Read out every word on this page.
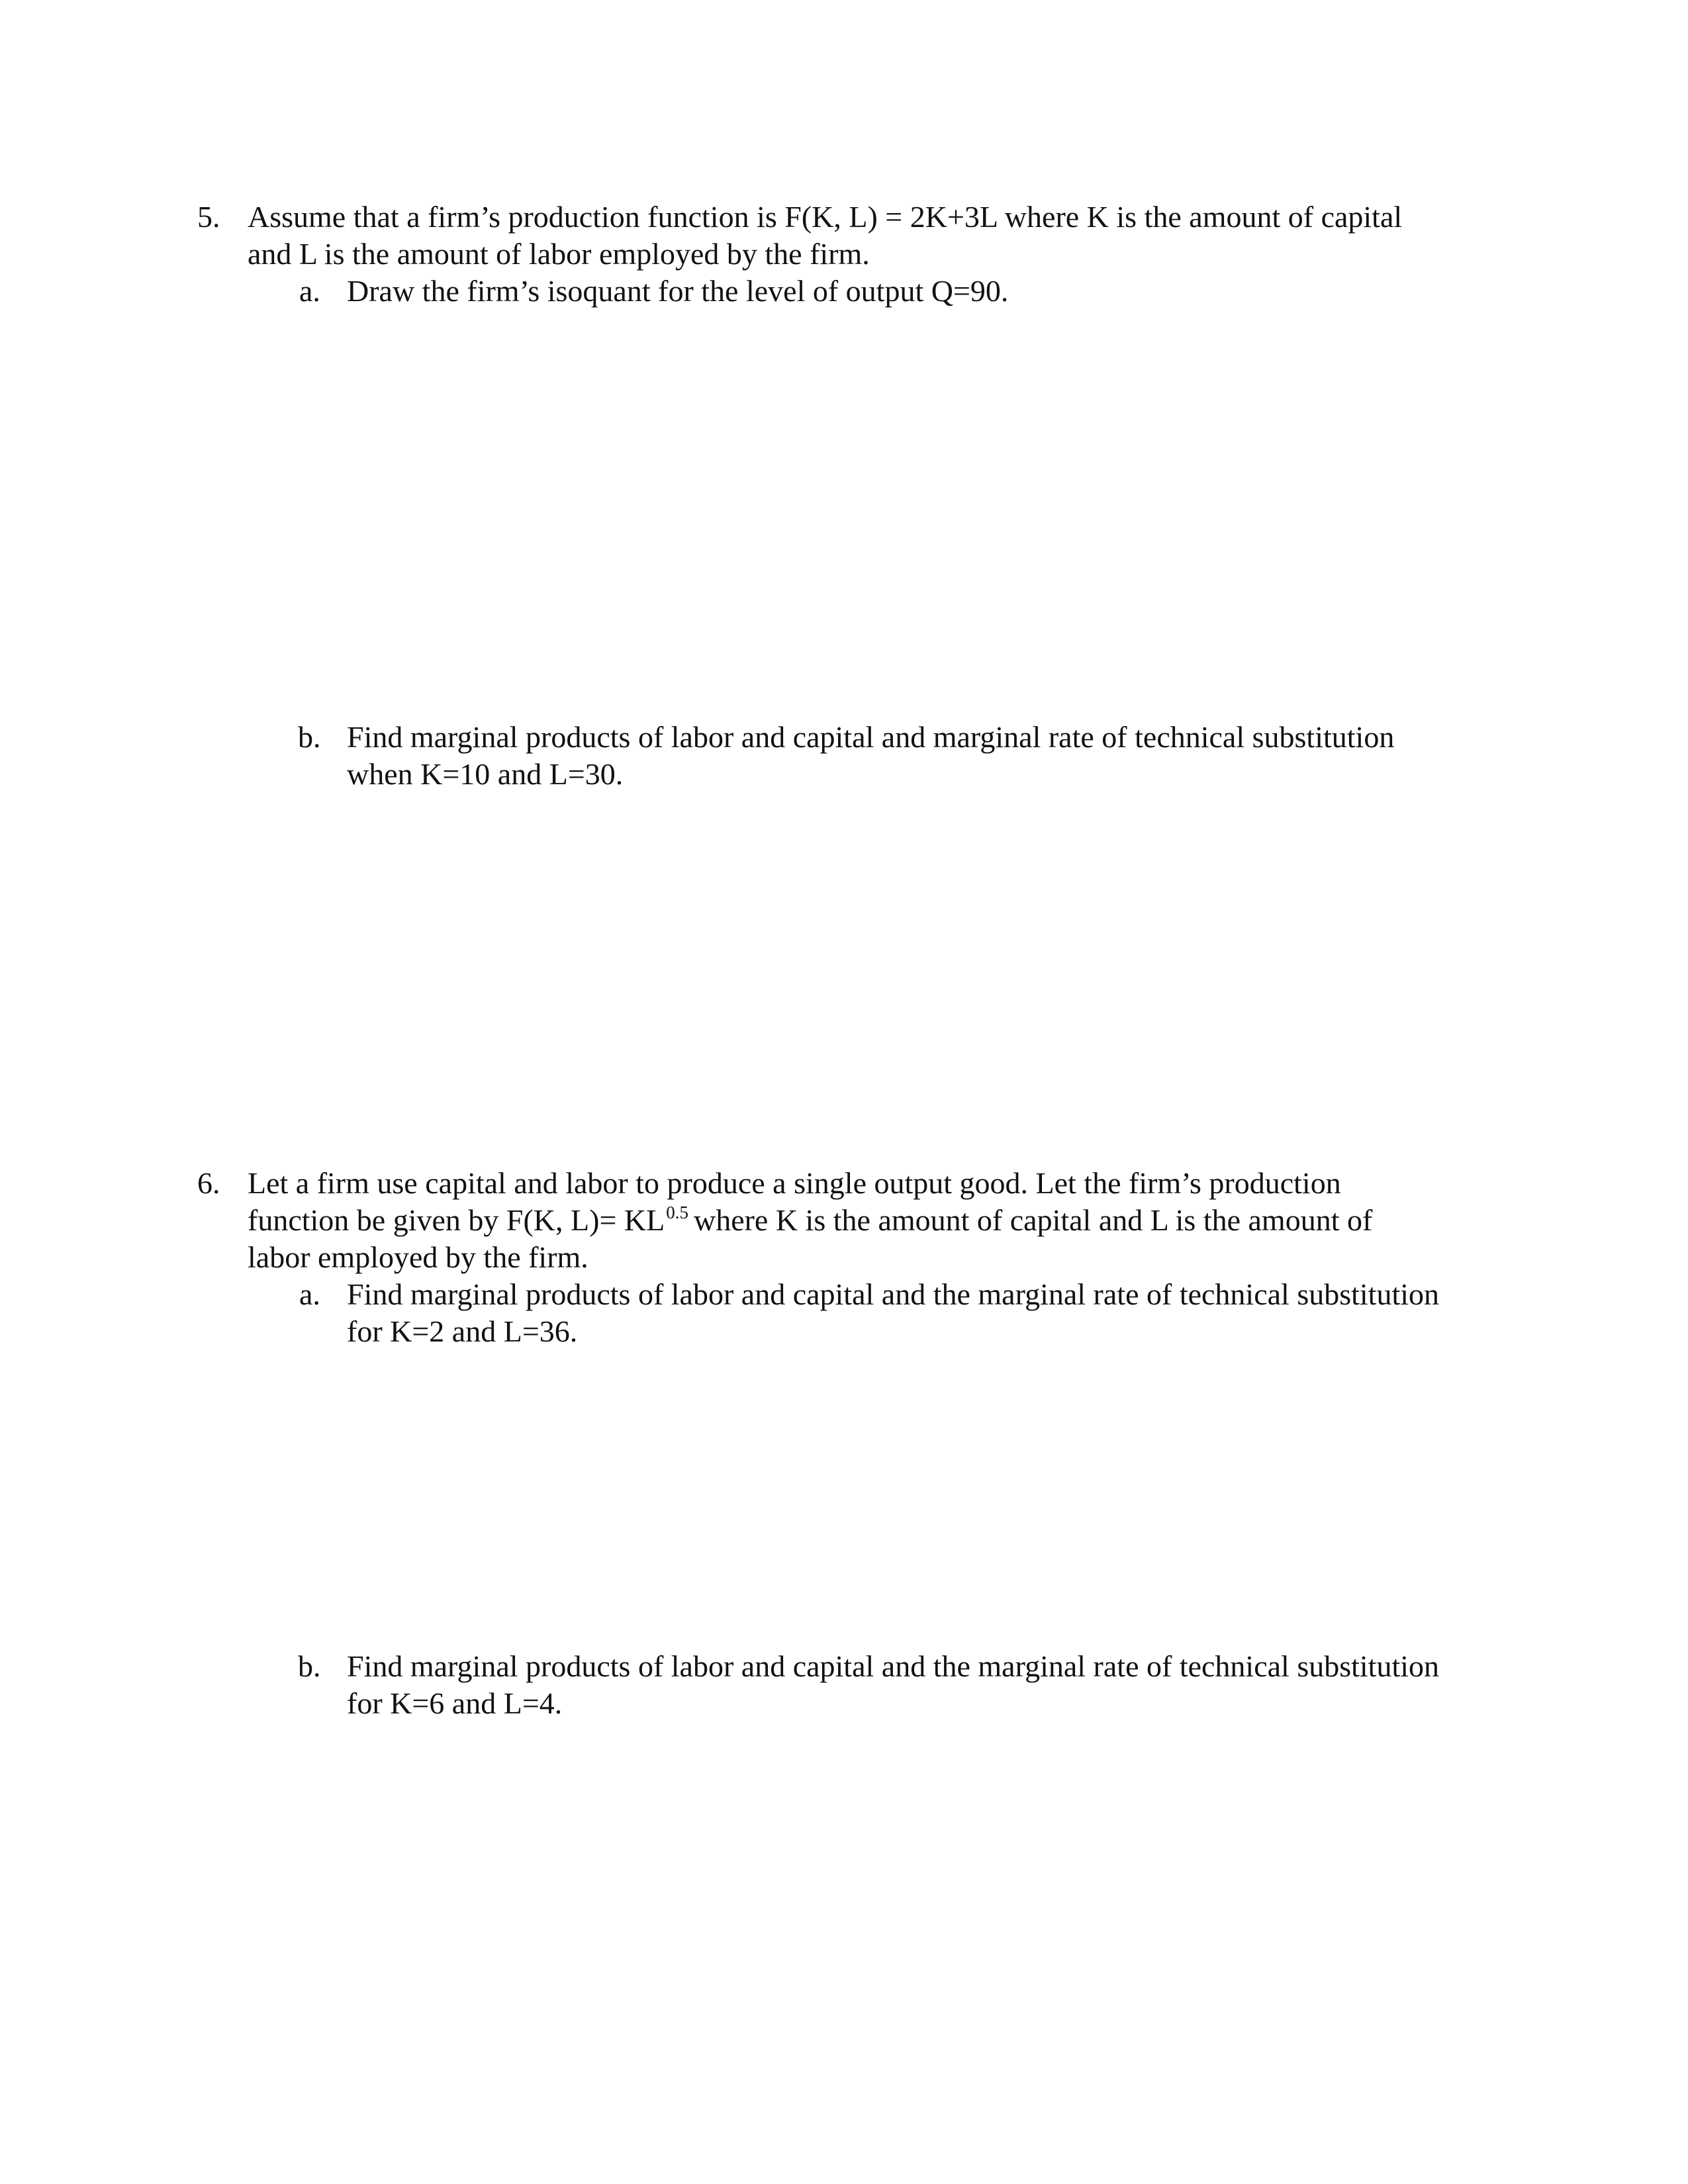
5. Assume that a firm’s production function is F(K, L) = 2K+3L where K is the amount of capital

and L is the amount of labor employed by the firm.

a. Draw the firm’s isoquant for the level of output Q=90.

b. Find marginal products of labor and capital and marginal rate of technical substitution

when K=10 and L=30.

6. Let a firm use capital and labor to produce a single output good. Let the firm’s production

function be given by F(K, $L)= KL^{0.5}$ where K is the amount of capital and L is the amount of

labor employed by the firm.

a. Find marginal products of labor and capital and the marginal rate of technical substitution

for K=2 and L=36.

b. Find marginal products of labor and capital and the marginal rate of technical substitution

for K=6 and L=4.
